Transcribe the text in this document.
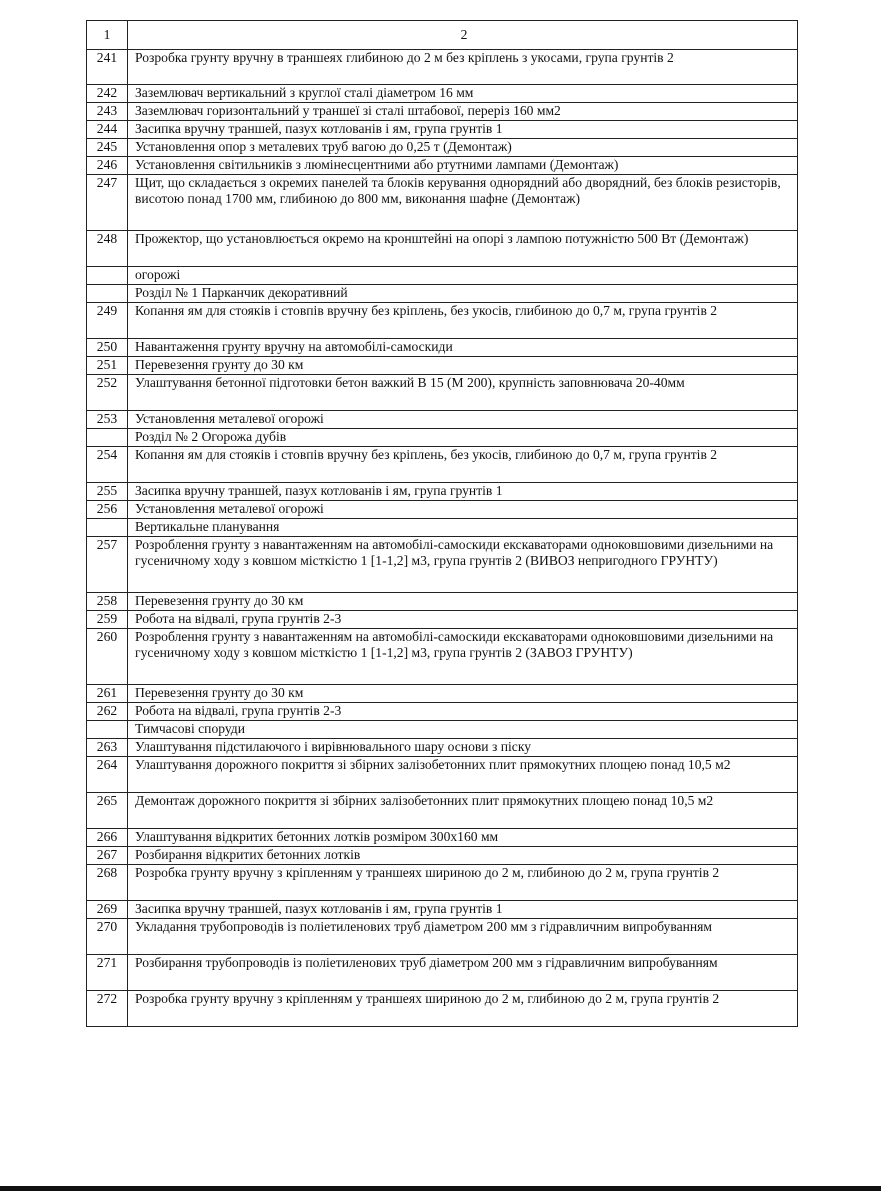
1	2
241	Розробка грунту вручну в траншеях глибиною до 2 м без кріплень з укосами, група грунтів 2
242	Заземлювач вертикальний з круглої сталі діаметром 16 мм
243	Заземлювач горизонтальний у траншеї зі сталі штабової, переріз 160 мм2
244	Засипка вручну траншей, пазух котлованів і ям, група грунтів 1
245	Установлення опор з металевих труб вагою до 0,25 т (Демонтаж)
246	Установлення світильників з люмінесцентними або ртутними лампами (Демонтаж)
247	Щит, що складається з окремих панелей та блоків керування однорядний або дворядний, без блоків резисторів, висотою понад 1700 мм, глибиною до 800 мм, виконання шафне (Демонтаж)
248	Прожектор, що установлюється окремо на кронштейні на опорі з лампою потужністю 500 Вт (Демонтаж)
	огорожі
	Розділ № 1 Парканчик декоративний
249	Копання ям для стояків і стовпів вручну без кріплень, без укосів, глибиною до 0,7 м, група грунтів 2
250	Навантаження грунту вручну на автомобілі-самоскиди
251	Перевезення грунту до 30 км
252	Улаштування бетонної підготовки бетон важкий В 15 (М 200), крупність заповнювача 20-40мм
253	Установлення металевої огорожі
	Розділ № 2 Огорожа дубів
254	Копання ям для стояків і стовпів вручну без кріплень, без укосів, глибиною до 0,7 м, група грунтів 2
255	Засипка вручну траншей, пазух котлованів і ям, група грунтів 1
256	Установлення металевої огорожі
	Вертикальне планування
257	Розроблення грунту з навантаженням на автомобілі-самоскиди екскаваторами одноковшовими дизельними на гусеничному ходу з ковшом місткістю 1 [1-1,2] м3, група грунтів 2 (ВИВОЗ непригодного ГРУНТУ)
258	Перевезення грунту до 30 км
259	Робота на відвалі, група грунтів 2-3
260	Розроблення грунту з навантаженням на автомобілі-самоскиди екскаваторами одноковшовими дизельними на гусеничному ходу з ковшом місткістю 1 [1-1,2] м3, група грунтів 2 (ЗАВОЗ ГРУНТУ)
261	Перевезення грунту до 30 км
262	Робота на відвалі, група грунтів 2-3
	Тимчасові споруди
263	Улаштування підстилаючого і вирівнювального шару основи з піску
264	Улаштування дорожного покриття зі збірних залізобетонних плит прямокутних площею понад 10,5 м2
265	Демонтаж дорожного покриття зі збірних залізобетонних плит прямокутних площею понад 10,5 м2
266	Улаштування відкритих бетонних лотків розміром 300х160 мм
267	Розбирання відкритих бетонних лотків
268	Розробка грунту вручну з кріпленням у траншеях шириною до 2 м, глибиною до 2 м, група грунтів 2
269	Засипка вручну траншей, пазух котлованів і ям, група грунтів 1
270	Укладання трубопроводів із поліетиленових труб діаметром 200 мм з гідравличним випробуванням
271	Розбирання трубопроводів із поліетиленових труб діаметром 200 мм з гідравличним випробуванням
272	Розробка грунту вручну з кріпленням у траншеях шириною до 2 м, глибиною до 2 м, група грунтів 2
